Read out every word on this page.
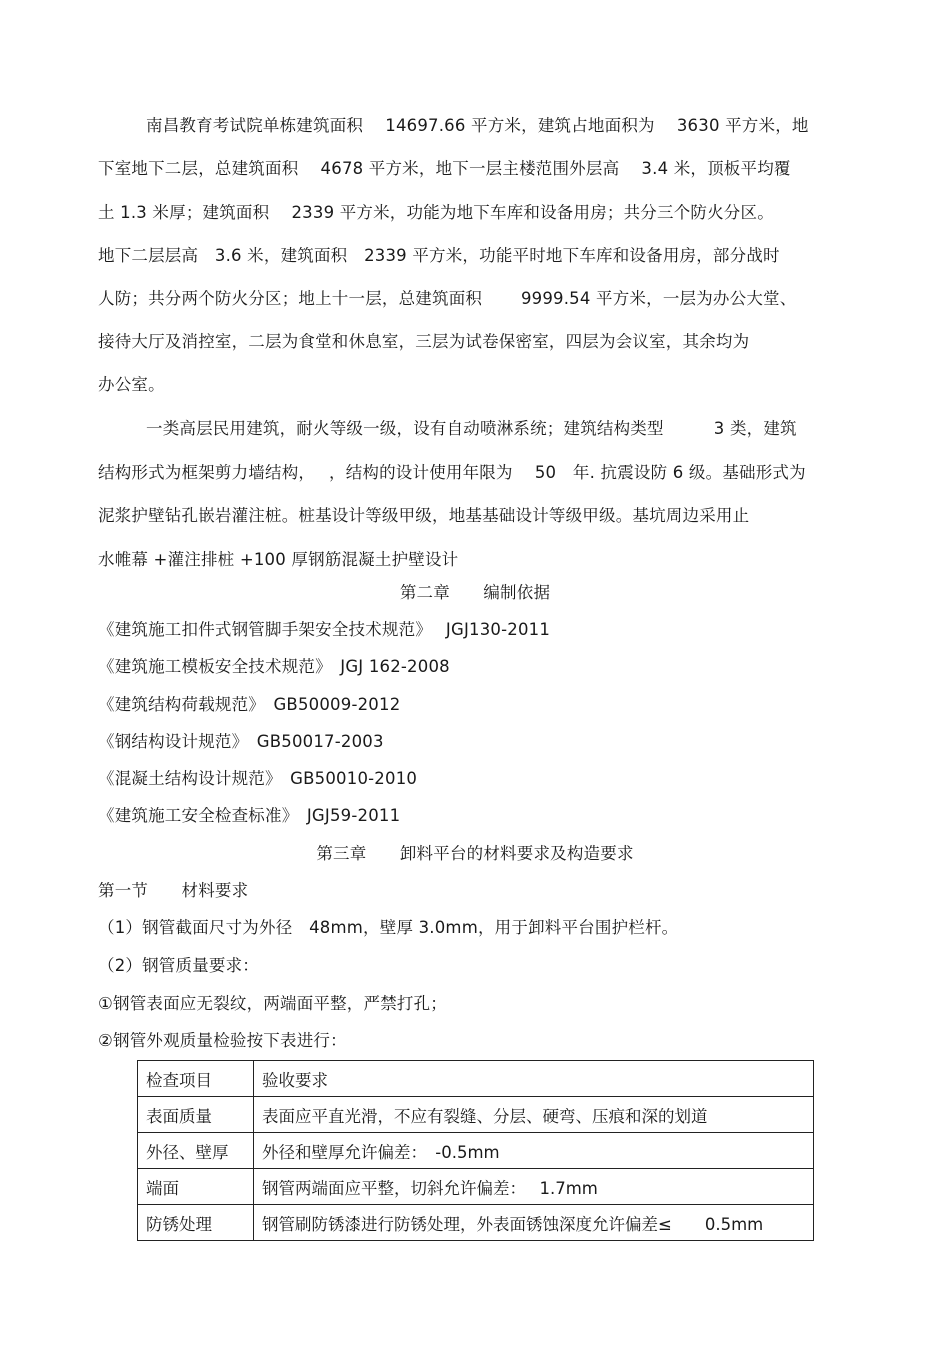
南昌教育考试院单栋建筑面积　 14697.66 平方米，建筑占地面积为　 3630 平方米，地
下室地下二层，总建筑面积　 4678 平方米，地下一层主楼范围外层高　 3.4 米，顶板平均覆
土 1.3 米厚；建筑面积　 2339 平方米，功能为地下车库和设备用房；共分三个防火分区。
地下二层层高　3.6 米，建筑面积　2339 平方米，功能平时地下车库和设备用房，部分战时
人防；共分两个防火分区；地上十一层，总建筑面积　　 9999.54 平方米，一层为办公大堂、
接待大厅及消控室，二层为食堂和休息室，三层为试卷保密室，四层为会议室，其余均为
办公室。
一类高层民用建筑，耐火等级一级，设有自动喷淋系统；建筑结构类型　　　3 类，建筑
结构形式为框架剪力墙结构，　 ，结构的设计使用年限为　 50　年. 抗震设防 6 级。基础形式为
泥浆护壁钻孔嵌岩灌注桩。桩基设计等级甲级，地基基础设计等级甲级。基坑周边采用止
水帷幕 +灌注排桩 +100 厚钢筋混凝土护壁设计
第二章　　编制依据
《建筑施工扣件式钢管脚手架安全技术规范》　 JGJ130-2011
《建筑施工模板安全技术规范》　JGJ 162-2008
《建筑结构荷载规范》　GB50009-2012
《钢结构设计规范》　GB50017-2003
《混凝土结构设计规范》　GB50010-2010
《建筑施工安全检查标准》　JGJ59-2011
第三章　　卸料平台的材料要求及构造要求
第一节　　材料要求
（1）钢管截面尺寸为外径　48mm，壁厚 3.0mm，用于卸料平台围护栏杆。
（2）钢管质量要求：
①钢管表面应无裂纹，两端面平整，严禁打孔；
②钢管外观质量检验按下表进行：
检查项目	验收要求
表面质量	表面应平直光滑，不应有裂缝、分层、硬弯、压痕和深的划道
外径、壁厚	外径和壁厚允许偏差：　-0.5mm
端面	钢管两端面应平整，切斜允许偏差：　 1.7mm
防锈处理	钢管刷防锈漆进行防锈处理，外表面锈蚀深度允许偏差≤　　0.5mm
